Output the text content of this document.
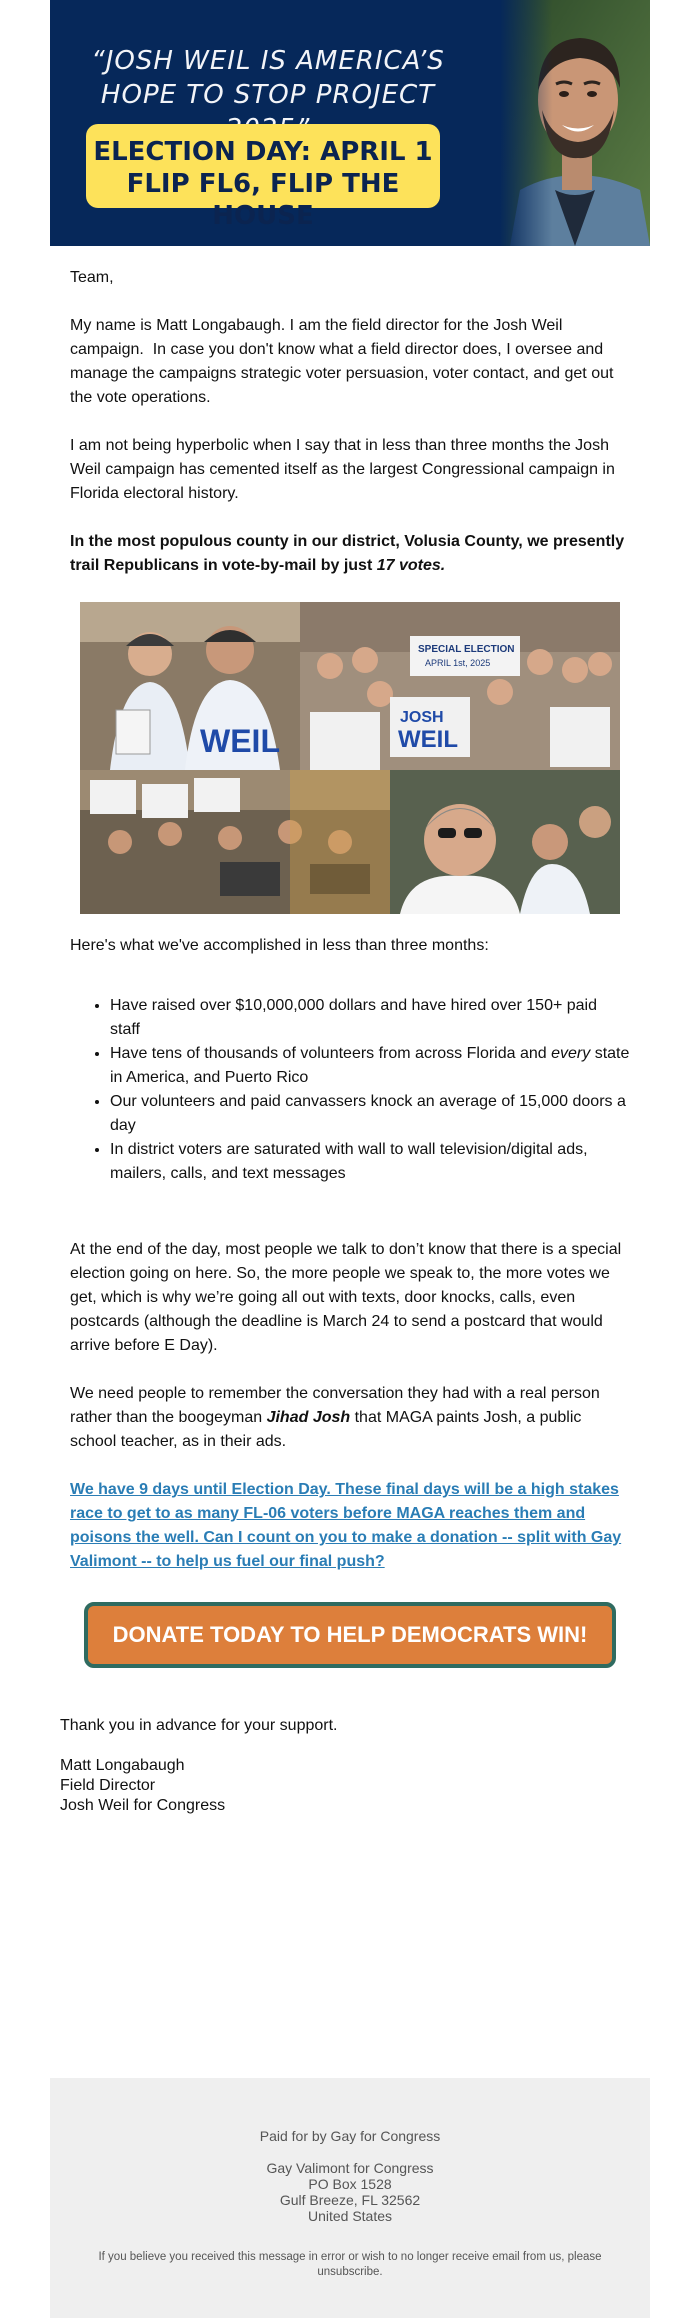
“JOSH WEIL IS AMERICA’S
HOPE TO STOP PROJECT
ELECTION DAY: APRIL 1
FLIP FL6, FLIP THE HOUSE

Team,

My name is Matt Longabaugh. I am the field director for the Josh Weil campaign.  In case you don't know what a field director does, I oversee and manage the campaigns strategic voter persuasion, voter contact, and get out the vote operations.

I am not being hyperbolic when I say that in less than three months the Josh Weil campaign has cemented itself as the largest Congressional campaign in Florida electoral history.

In the most populous county in our district, Volusia County, we presently trail Republicans in vote-by-mail by just 17 votes.

WEIL
SPECIAL ELECTION
APRIL 1st, 2025
JOSH
WEIL

Here's what we've accomplished in less than three months:

• Have raised over $10,000,000 dollars and have hired over 150+ paid staff
• Have tens of thousands of volunteers from across Florida and every state in America, and Puerto Rico
• Our volunteers and paid canvassers knock an average of 15,000 doors a day
• In district voters are saturated with wall to wall television/digital ads, mailers, calls, and text messages

At the end of the day, most people we talk to don’t know that there is a special election going on here. So, the more people we speak to, the more votes we get, which is why we’re going all out with texts, door knocks, calls, even postcards (although the deadline is March 24 to send a postcard that would arrive before E Day).

We need people to remember the conversation they had with a real person rather than the boogeyman Jihad Josh that MAGA paints Josh, a public school teacher, as in their ads.

We have 9 days until Election Day. These final days will be a high stakes race to get to as many FL-06 voters before MAGA reaches them and poisons the well. Can I count on you to make a donation -- split with Gay Valimont -- to help us fuel our final push?

DONATE TODAY TO HELP DEMOCRATS WIN!

Thank you in advance for your support.

Matt Longabaugh
Field Director
Josh Weil for Congress
Paid for by Gay for Congress
Gay Valimont for Congress
PO Box 1528
Gulf Breeze, FL 32562
United States
If you believe you received this message in error or wish to no longer receive email from us, please unsubscribe.
